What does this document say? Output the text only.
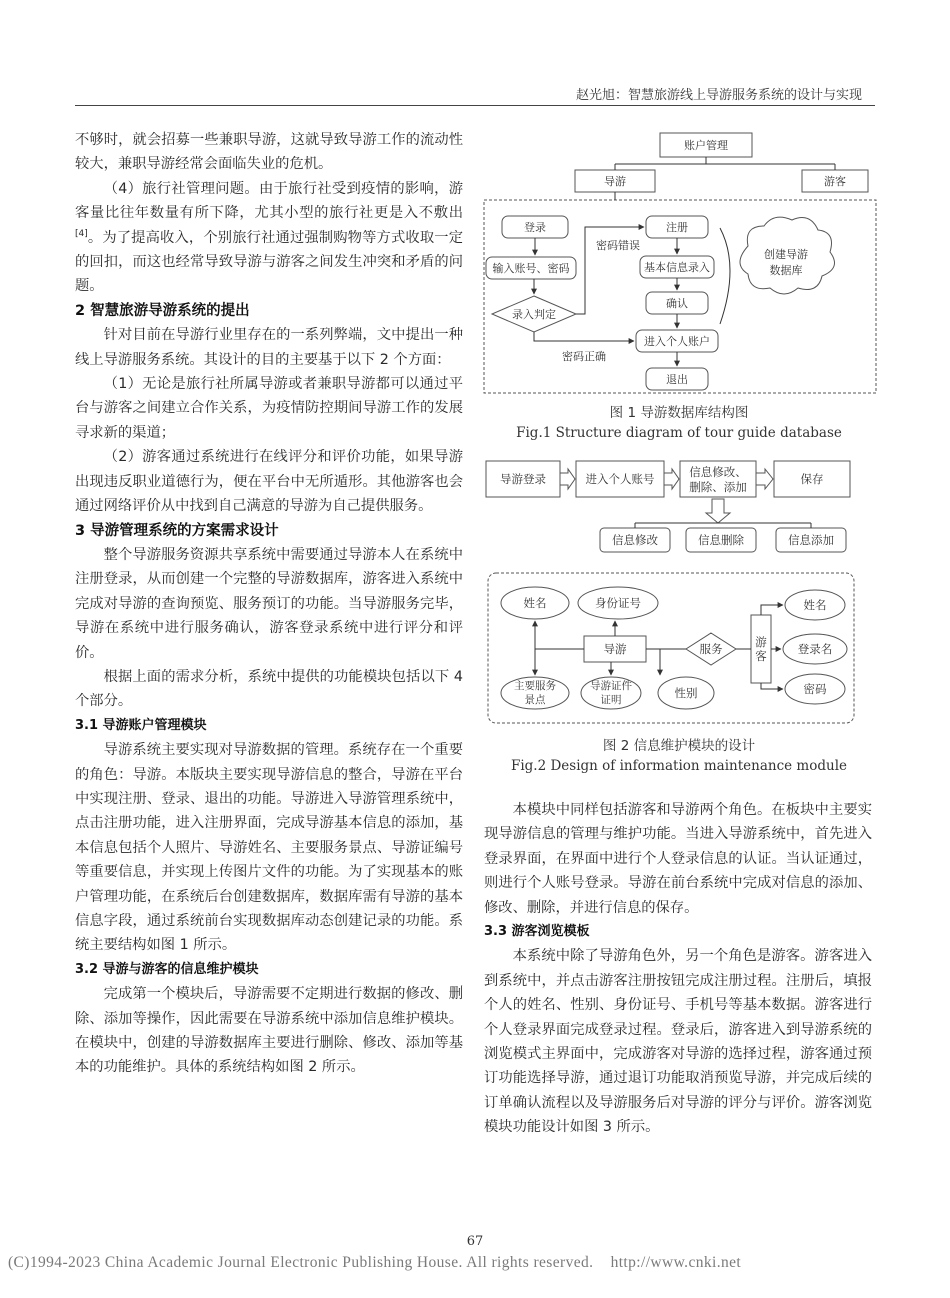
赵光旭：智慧旅游线上导游服务系统的设计与实现

不够时，就会招募一些兼职导游，这就导致导游工作的流动性较大，兼职导游经常会面临失业的危机。

（4）旅行社管理问题。由于旅行社受到疫情的影响，游客量比往年数量有所下降，尤其小型的旅行社更是入不敷出[4]。为了提高收入，个别旅行社通过强制购物等方式收取一定的回扣，而这也经常导致导游与游客之间发生冲突和矛盾的问题。

2 智慧旅游导游系统的提出

针对目前在导游行业里存在的一系列弊端，文中提出一种线上导游服务系统。其设计的目的主要基于以下 2 个方面：

（1）无论是旅行社所属导游或者兼职导游都可以通过平台与游客之间建立合作关系，为疫情防控期间导游工作的发展寻求新的渠道；

（2）游客通过系统进行在线评分和评价功能，如果导游出现违反职业道德行为，便在平台中无所遁形。其他游客也会通过网络评价从中找到自己满意的导游为自己提供服务。

3 导游管理系统的方案需求设计

整个导游服务资源共享系统中需要通过导游本人在系统中注册登录，从而创建一个完整的导游数据库，游客进入系统中完成对导游的查询预览、服务预订的功能。当导游服务完毕，导游在系统中进行服务确认，游客登录系统中进行评分和评价。

根据上面的需求分析，系统中提供的功能模块包括以下 4 个部分。

3.1 导游账户管理模块

导游系统主要实现对导游数据的管理。系统存在一个重要的角色：导游。本版块主要实现导游信息的整合，导游在平台中实现注册、登录、退出的功能。导游进入导游管理系统中，点击注册功能，进入注册界面，完成导游基本信息的添加，基本信息包括个人照片、导游姓名、主要服务景点、导游证编号等重要信息，并实现上传图片文件的功能。为了实现基本的账户管理功能，在系统后台创建数据库，数据库需有导游的基本信息字段，通过系统前台实现数据库动态创建记录的功能。系统主要结构如图 1 所示。

3.2 导游与游客的信息维护模块

完成第一个模块后，导游需要不定期进行数据的修改、删除、添加等操作，因此需要在导游系统中添加信息维护模块。在模块中，创建的导游数据库主要进行删除、修改、添加等基本的功能维护。具体的系统结构如图 2 所示。

账户管理
导游	游客
登录
输入账号、密码
录入判定
注册
基本信息录入
确认
进入个人账户
退出
密码错误
密码正确
创建导游
数据库
图 1 导游数据库结构图
Fig.1 Structure diagram of tour guide database
导游登录	进入个人账号	信息修改、
删除、添加
保存
信息修改	信息删除	信息添加
姓名	身份证号
导游	服务
姓名
登录名
密码
主要服务
景点
导游证件
证明	性别
游客
图 2 信息维护模块的设计
Fig.2 Design of information maintenance module

本模块中同样包括游客和导游两个角色。在板块中主要实现导游信息的管理与维护功能。当进入导游系统中，首先进入登录界面，在界面中进行个人登录信息的认证。当认证通过，则进行个人账号登录。导游在前台系统中完成对信息的添加、修改、删除，并进行信息的保存。

3.3 游客浏览模板

本系统中除了导游角色外，另一个角色是游客。游客进入到系统中，并点击游客注册按钮完成注册过程。注册后，填报个人的姓名、性别、身份证号、手机号等基本数据。游客进行个人登录界面完成登录过程。登录后，游客进入到导游系统的浏览模式主界面中，完成游客对导游的选择过程，游客通过预订功能选择导游，通过退订功能取消预览导游，并完成后续的订单确认流程以及导游服务后对导游的评分与评价。游客浏览模块功能设计如图 3 所示。

67
(C)1994-2023 China Academic Journal Electronic Publishing House. All rights reserved. http://www.cnki.net
